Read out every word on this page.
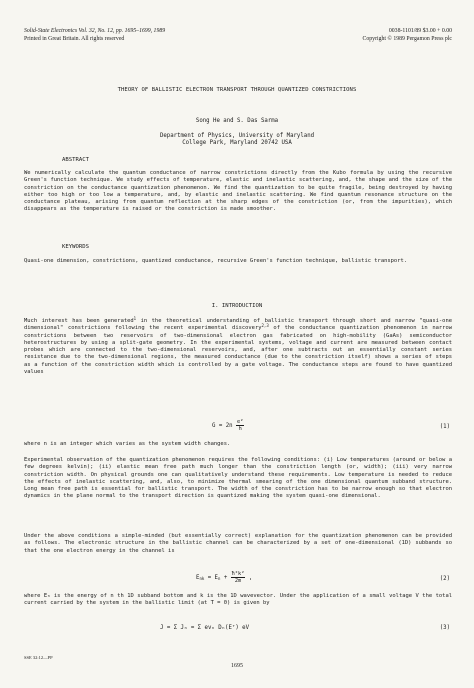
Solid-State Electronics Vol. 32, No. 12, pp. 1695–1699, 1989
Printed in Great Britain. All rights reserved
0038-1101/89 $3.00 + 0.00
Copyright © 1989 Pergamon Press plc
THEORY OF BALLISTIC ELECTRON TRANSPORT THROUGH QUANTIZED CONSTRICTIONS
Song He and S. Das Sarma
Department of Physics, University of Maryland
College Park, Maryland 20742 USA
ABSTRACT

We numerically calculate the quantum conductance of narrow constrictions directly from the Kubo formula by using the recursive Green's function technique. We study effects of temperature, elastic and inelastic scattering, and, the shape and the size of the constriction on the conductance quantization phenomenon. We find the quantization to be quite fragile, being destroyed by having either too high or too low a temperature, and, by elastic and inelastic scattering. We find quantum resonance structure on the conductance plateau, arising from quantum reflection at the sharp edges of the constriction (or, from the impurities), which disappears as the temperature is raised or the constriction is made smoother.

KEYWORDS

Quasi-one dimension, constrictions, quantized conductance, recursive Green's function technique, ballistic transport.

I. INTRODUCTION

Much interest has been generated$^1$ in the theoretical understanding of ballistic transport through short and narrow "quasi-one dimensional" constrictions following the recent experimental discovery$^{2,3}$ of the conductance quantization phenomenon in narrow constrictions between two reservoirs of two-dimensional electron gas fabricated on high-mobility (GaAs) semiconductor heterostructures by using a split-gate geometry. In the experimental systems, voltage and current are measured between contact probes which are connected to the two-dimensional reservoirs, and, after one subtracts out an essentially constant series resistance due to the two-dimensional regions, the measured conductance (due to the constriction itself) shows a series of steps as a function of the constriction width which is controlled by a gate voltage. The conductance steps are found to have quantized values

$G = 2n \frac{\text{e²}}{h}$	(1)

where n is an integer which varies as the system width changes.

Experimental observation of the quantization phenomenon requires the following conditions: (i) Low temperatures (around or below a few degrees kelvin); (ii) elastic mean free path much longer than the constriction length (or, width); (iii) very narrow constriction width. On physical grounds one can qualitatively understand these requirements. Low temperature is needed to reduce the effects of inelastic scattering, and, also, to minimize thermal smearing of the one dimensional quantum subband structure. Long mean free path is essential for ballistic transport. The width of the constriction has to be narrow enough so that electron dynamics in the plane normal to the transport direction is quantized making the system quasi-one dimensional.

Under the above conditions a simple-minded (but essentially correct) explanation for the quantization phenomenon can be provided as follows. The electronic structure in the ballistic channel can be characterized by a set of one-dimensional (1D) subbands so that the one electron energy in the channel is

$E_{nk} = E_n + \frac{\text{ħ²k²}}{2m}$ ,	(2)

where Eₙ is the energy of n th 1D subband bottom and k is the 1D wavevector. Under the application of a small voltage V the total current carried by the system in the ballistic limit (at T = 0) is given by

J = Σ Jₙ = Σ evₙ Dₙ(Eᶠ) eV	(3)
SSE 32:12—PP
1695
